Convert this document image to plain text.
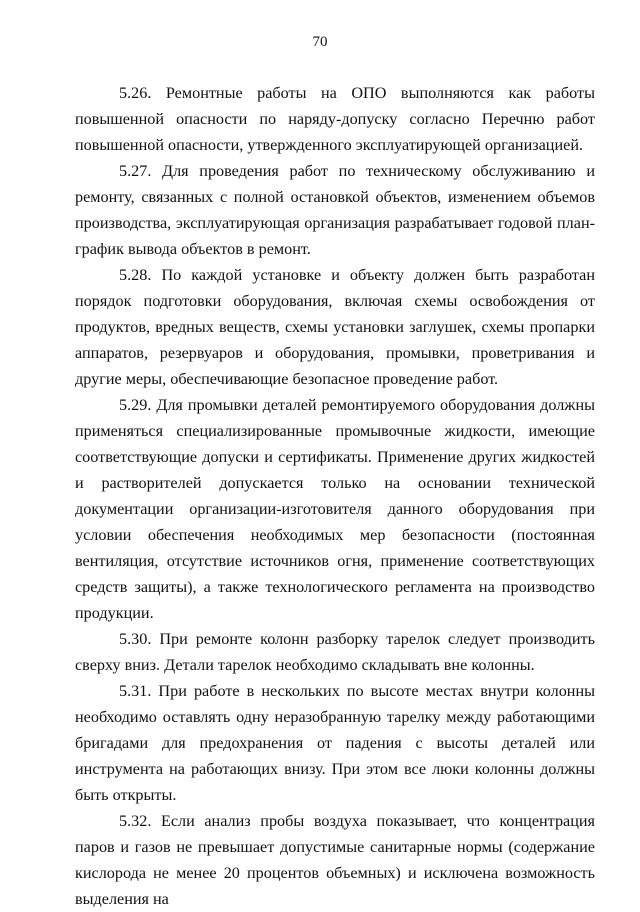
70

5.26. Ремонтные работы на ОПО выполняются как работы повышенной опасности по наряду-допуску согласно Перечню работ повышенной опасности, утвержденного эксплуатирующей организацией.

5.27. Для проведения работ по техническому обслуживанию и ремонту, связанных с полной остановкой объектов, изменением объемов производства, эксплуатирующая организация разрабатывает годовой план-график вывода объектов в ремонт.

5.28. По каждой установке и объекту должен быть разработан порядок подготовки оборудования, включая схемы освобождения от продуктов, вредных веществ, схемы установки заглушек, схемы пропарки аппаратов, резервуаров и оборудования, промывки, проветривания и другие меры, обеспечивающие безопасное проведение работ.

5.29. Для промывки деталей ремонтируемого оборудования должны применяться специализированные промывочные жидкости, имеющие соответствующие допуски и сертификаты. Применение других жидкостей и растворителей допускается только на основании технической документации организации-изготовителя данного оборудования при условии обеспечения необходимых мер безопасности (постоянная вентиляция, отсутствие источников огня, применение соответствующих средств защиты), а также технологического регламента на производство продукции.

5.30. При ремонте колонн разборку тарелок следует производить сверху вниз. Детали тарелок необходимо складывать вне колонны.

5.31. При работе в нескольких по высоте местах внутри колонны необходимо оставлять одну неразобранную тарелку между работающими бригадами для предохранения от падения с высоты деталей или инструмента на работающих внизу. При этом все люки колонны должны быть открыты.

5.32. Если анализ пробы воздуха показывает, что концентрация паров и газов не превышает допустимые санитарные нормы (содержание кислорода не менее 20 процентов объемных) и исключена возможность выделения на
